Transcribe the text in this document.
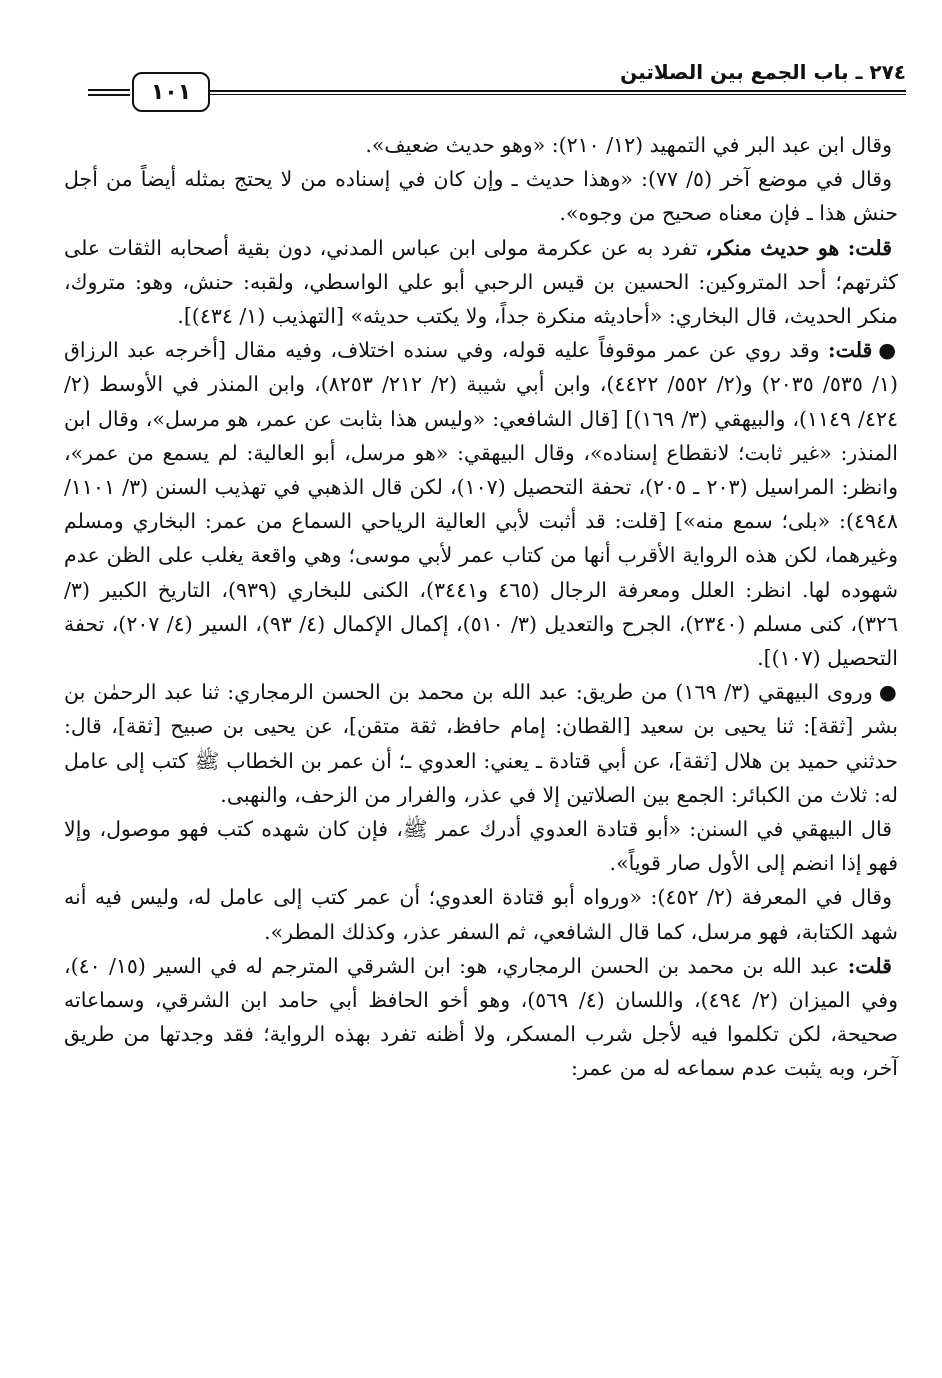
٢٧٤ ـ باب الجمع بين الصلاتين
١٠١

وقال ابن عبد البر في التمهيد (١٢/ ٢١٠): «وهو حديث ضعيف».

وقال في موضع آخر (٥/ ٧٧): «وهذا حديث ـ وإن كان في إسناده من لا يحتج بمثله أيضاً من أجل حنش هذا ـ فإن معناه صحيح من وجوه».

قلت: هو حديث منكر، تفرد به عن عكرمة مولى ابن عباس المدني، دون بقية أصحابه الثقات على كثرتهم؛ أحد المتروكين: الحسين بن قيس الرحبي أبو علي الواسطي، ولقبه: حنش، وهو: متروك، منكر الحديث، قال البخاري: «أحاديثه منكرة جداً، ولا يكتب حديثه» [التهذيب (١/ ٤٣٤)].

●قلت: وقد روي عن عمر موقوفاً عليه قوله، وفي سنده اختلاف، وفيه مقال [أخرجه عبد الرزاق (١/ ٥٣٥/ ٢٠٣٥) و(٢/ ٥٥٢/ ٤٤٢٢)، وابن أبي شيبة (٢/ ٢١٢/ ٨٢٥٣)، وابن المنذر في الأوسط (٢/ ٤٢٤/ ١١٤٩)، والبيهقي (٣/ ١٦٩)] [قال الشافعي: «وليس هذا بثابت عن عمر، هو مرسل»، وقال ابن المنذر: «غير ثابت؛ لانقطاع إسناده»، وقال البيهقي: «هو مرسل، أبو العالية: لم يسمع من عمر»، وانظر: المراسيل (٢٠٣ ـ ٢٠٥)، تحفة التحصيل (١٠٧)، لكن قال الذهبي في تهذيب السنن (٣/ ١١٠١/ ٤٩٤٨): «بلى؛ سمع منه»] [قلت: قد أثبت لأبي العالية الرياحي السماع من عمر: البخاري ومسلم وغيرهما، لكن هذه الرواية الأقرب أنها من كتاب عمر لأبي موسى؛ وهي واقعة يغلب على الظن عدم شهوده لها. انظر: العلل ومعرفة الرجال (٤٦٥ و٣٤٤١)، الكنى للبخاري (٩٣٩)، التاريخ الكبير (٣/ ٣٢٦)، كنى مسلم (٢٣٤٠)، الجرح والتعديل (٣/ ٥١٠)، إكمال الإكمال (٤/ ٩٣)، السير (٤/ ٢٠٧)، تحفة التحصيل (١٠٧)].

●وروى البيهقي (٣/ ١٦٩) من طريق: عبد الله بن محمد بن الحسن الرمجاري: ثنا عبد الرحمٰن بن بشر [ثقة]: ثنا يحيى بن سعيد [القطان: إمام حافظ، ثقة متقن]، عن يحيى بن صبيح [ثقة]، قال: حدثني حميد بن هلال [ثقة]، عن أبي قتادة ـ يعني: العدوي ـ؛ أن عمر بن الخطاب ﷺ كتب إلى عامل له: ثلاث من الكبائر: الجمع بين الصلاتين إلا في عذر، والفرار من الزحف، والنهبى.

قال البيهقي في السنن: «أبو قتادة العدوي أدرك عمر ﷺ، فإن كان شهده كتب فهو موصول، وإلا فهو إذا انضم إلى الأول صار قوياً».

وقال في المعرفة (٢/ ٤٥٢): «ورواه أبو قتادة العدوي؛ أن عمر كتب إلى عامل له، وليس فيه أنه شهد الكتابة، فهو مرسل، كما قال الشافعي، ثم السفر عذر، وكذلك المطر».

قلت: عبد الله بن محمد بن الحسن الرمجاري، هو: ابن الشرقي المترجم له في السير (١٥/ ٤٠)، وفي الميزان (٢/ ٤٩٤)، واللسان (٤/ ٥٦٩)، وهو أخو الحافظ أبي حامد ابن الشرقي، وسماعاته صحيحة، لكن تكلموا فيه لأجل شرب المسكر، ولا أظنه تفرد بهذه الرواية؛ فقد وجدتها من طريق آخر، وبه يثبت عدم سماعه له من عمر:
